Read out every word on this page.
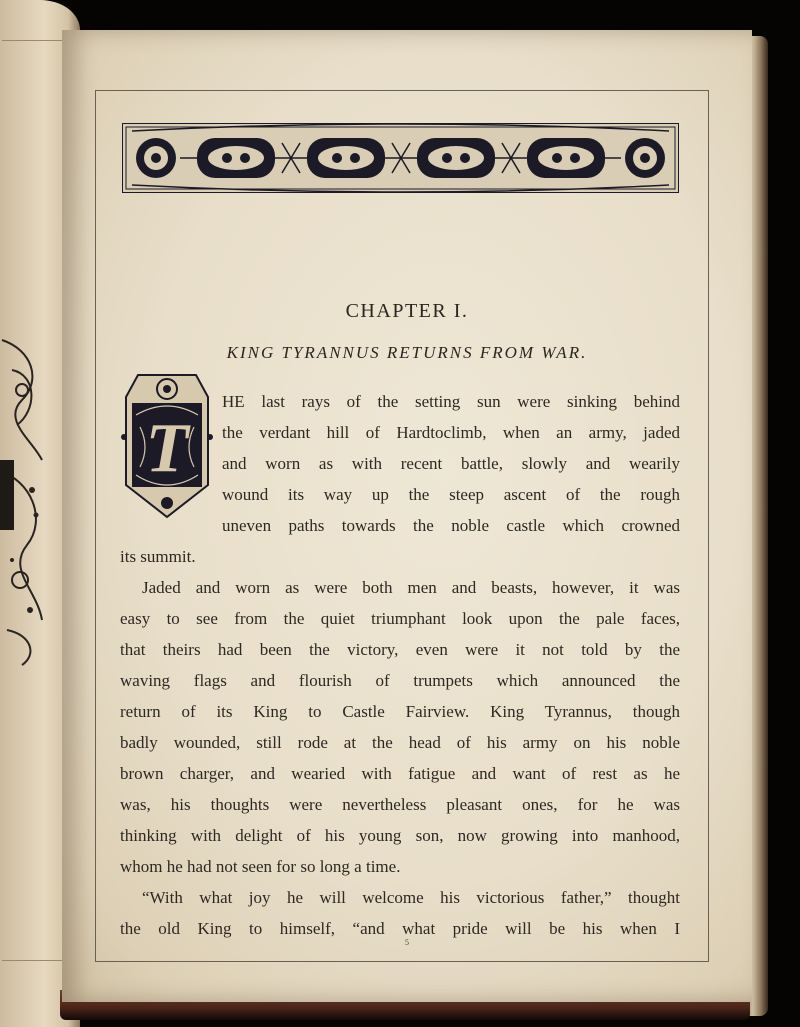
CHAPTER I.
KING TYRANNUS RETURNS FROM WAR.
T
HE last rays of the setting sun were sinking behind
the verdant hill of Hardtoclimb, when an army, jaded
and worn as with recent battle, slowly and wearily
wound its way up the steep ascent of the rough
uneven paths towards the noble castle which crowned
its summit.
Jaded and worn as were both men and beasts, however, it was
easy to see from the quiet triumphant look upon the pale faces,
that theirs had been the victory, even were it not told by the
waving flags and flourish of trumpets which announced the
return of its King to Castle Fairview. King Tyrannus, though
badly wounded, still rode at the head of his army on his noble
brown charger, and wearied with fatigue and want of rest as he
was, his thoughts were nevertheless pleasant ones, for he was
thinking with delight of his young son, now growing into manhood,
whom he had not seen for so long a time.
“With what joy he will welcome his victorious father,” thought
the old King to himself, “and what pride will be his when I
5
